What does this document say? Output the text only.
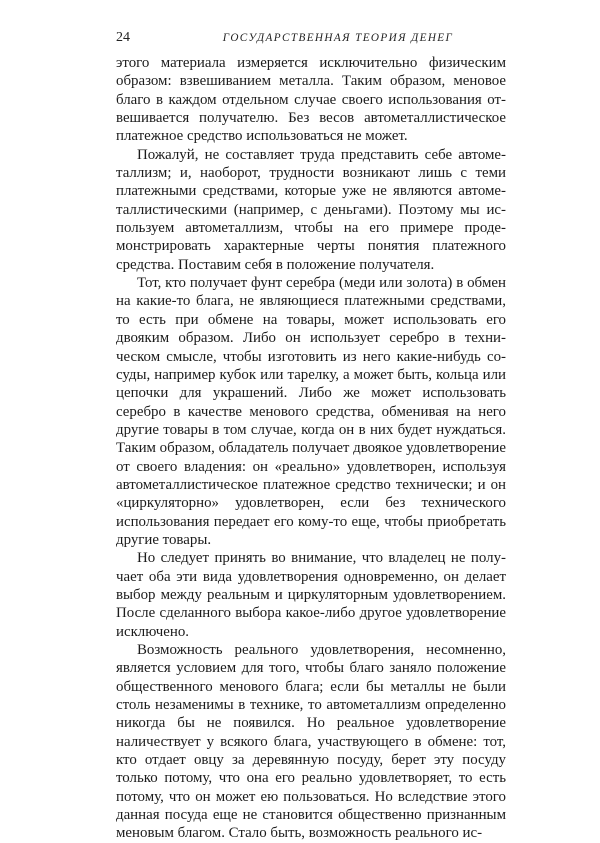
24	ГОСУДАРСТВЕННАЯ ТЕОРИЯ ДЕНЕГ

этого материала измеряется исключительно физическим образом: взвешиванием металла. Таким образом, меновое благо в каждом отдельном случае своего использования отвешивается получателю. Без весов автометаллистическое платежное средство использоваться не может.

Пожалуй, не составляет труда представить себе автометаллизм; и, наоборот, трудности возникают лишь с теми платежными средствами, которые уже не являются автометаллистическими (например, с деньгами). Поэтому мы используем автометаллизм, чтобы на его примере продeмонстрировать характерные черты понятия платежного средства. Поставим себя в положение получателя.

Тот, кто получает фунт серебра (меди или золота) в обмен на какие-то блага, не являющиеся платежными средствами, то есть при обмене на товары, может использовать его двояким образом. Либо он использует серебро в техническом смысле, чтобы изготовить из него какие-нибудь сосуды, например кубок или тарелку, а может быть, кольца или цепочки для украшений. Либо же может использовать серебро в качестве менового средства, обменивая на него другие товары в том случае, когда он в них будет нуждаться. Таким образом, обладатель получает двоякое удовлетворение от своего владения: он «реально» удовлетворен, используя автометаллистическое платежное средство технически; и он «циркуляторно» удовлетворен, если без технического использования передает его кому-то еще, чтобы приобретать другие товары.

Но следует принять во внимание, что владелец не получает оба эти вида удовлетворения одновременно, он делает выбор между реальным и циркуляторным удовлетворением. После сделанного выбора какое-либо другое удовлетворение исключено.

Возможность реального удовлетворения, несомненно, является условием для того, чтобы благо заняло положение общественного менового блага; если бы металлы не были столь незаменимы в технике, то автометаллизм определенно никогда бы не появился. Но реальное удовлетворение наличествует у всякого блага, участвующего в обмене: тот, кто отдает овцу за деревянную посуду, берет эту посуду только потому, что она его реально удовлетворяет, то есть потому, что он может ею пользоваться. Но вследствие этого данная посуда еще не становится общественно признанным меновым благом. Стало быть, возможность реального ис-
